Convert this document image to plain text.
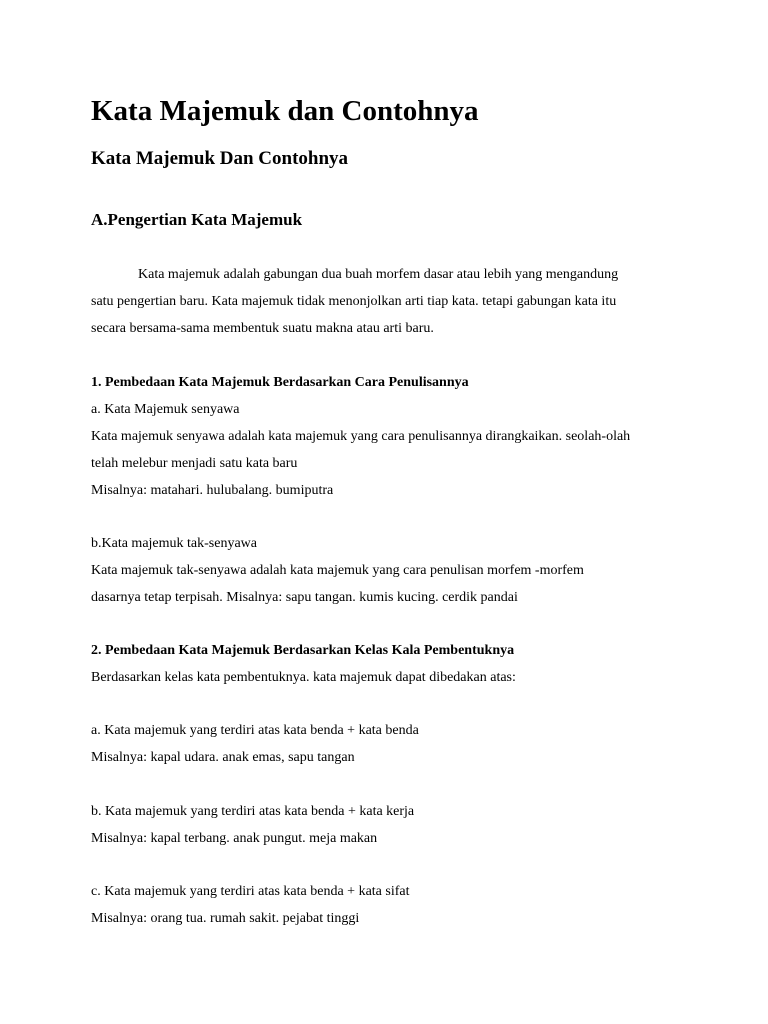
Kata Majemuk dan Contohnya
Kata Majemuk Dan Contohnya
A.Pengertian Kata Majemuk
Kata majemuk adalah gabungan dua buah morfem dasar atau lebih yang mengandung
satu pengertian baru. Kata majemuk tidak menonjolkan arti tiap kata. tetapi gabungan kata itu
secara bersama-sama membentuk suatu makna atau arti baru.
1. Pembedaan Kata Majemuk Berdasarkan Cara Penulisannya
a. Kata Majemuk senyawa
Kata majemuk senyawa adalah kata majemuk yang cara penulisannya dirangkaikan. seolah-olah
telah melebur menjadi satu kata baru
Misalnya: matahari. hulubalang. bumiputra
b.Kata majemuk tak-senyawa
Kata majemuk tak-senyawa adalah kata majemuk yang cara penulisan morfem -morfem
dasarnya tetap terpisah. Misalnya: sapu tangan. kumis kucing. cerdik pandai
2. Pembedaan Kata Majemuk Berdasarkan Kelas Kala Pembentuknya
Berdasarkan kelas kata pembentuknya. kata majemuk dapat dibedakan atas:
a. Kata majemuk yang terdiri atas kata benda + kata benda
Misalnya: kapal udara. anak emas, sapu tangan
b. Kata majemuk yang terdiri atas kata benda + kata kerja
Misalnya: kapal terbang. anak pungut. meja makan
c. Kata majemuk yang terdiri atas kata benda + kata sifat
Misalnya: orang tua. rumah sakit. pejabat tinggi
